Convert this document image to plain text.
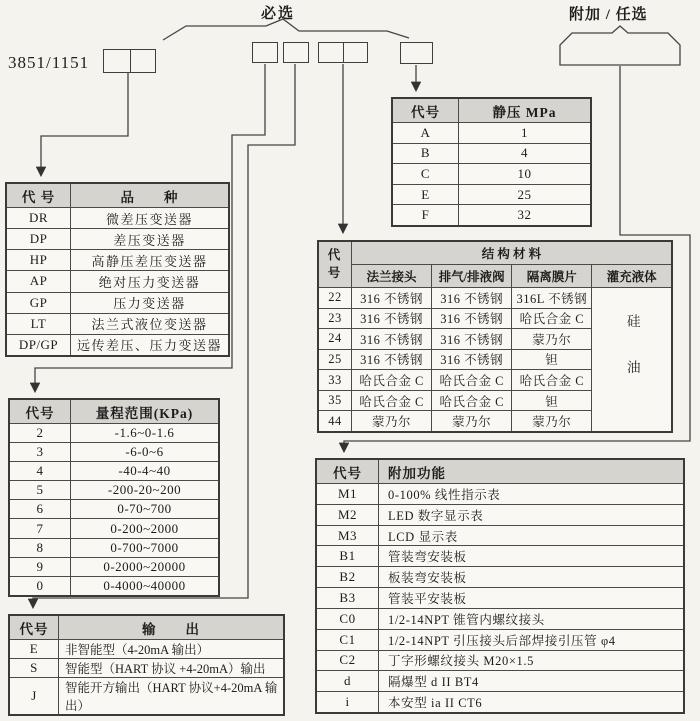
3851/1151
必选	附加 / 任选
代 号	品　　种
DR	微差压变送器
DP	差压变送器
HP	高静压差压变送器
AP	绝对压力变送器
GP	压力变送器
LT	法兰式液位变送器
DP/GP	远传差压、压力变送器
代号	静压 MPa
A	1
B	4
C	10
E	25
F	32
代号	量程范围(KPa)
2	-1.6~0-1.6
3	-6-0~6
4	-40-4~40
5	-200-20~200
6	0-70~700
7	0-200~2000
8	0-700~7000
9	0-2000~20000
0	0-4000~40000
代号	输　　出
E	非智能型（4-20mA 输出）
S	智能型（HART 协议 +4-20mA）输出
J	智能开方输出（HART 协议+4-20mA 输出）
代号	结 构 材 料			
	法兰接头	排气/排液阀	隔离膜片	灌充液体
22	316 不锈钢	316 不锈钢	316L 不锈钢	硅油
23	316 不锈钢	316 不锈钢	哈氏合金 C	
24	316 不锈钢	316 不锈钢	蒙乃尔	
25	316 不锈钢	316 不锈钢	钽	
33	哈氏合金 C	哈氏合金 C	哈氏合金 C	
35	哈氏合金 C	哈氏合金 C	钽	
44	蒙乃尔	蒙乃尔	蒙乃尔	
代号	附加功能
M1	0-100% 线性指示表
M2	LED 数字显示表
M3	LCD 显示表
B1	管装弯安装板
B2	板装弯安装板
B3	管装平安装板
C0	1/2-14NPT 锥管内螺纹接头
C1	1/2-14NPT 引压接头后部焊接引压管 φ4
C2	丁字形螺纹接头 M20×1.5
d	隔爆型 d II BT4
i	本安型 ia II CT6
